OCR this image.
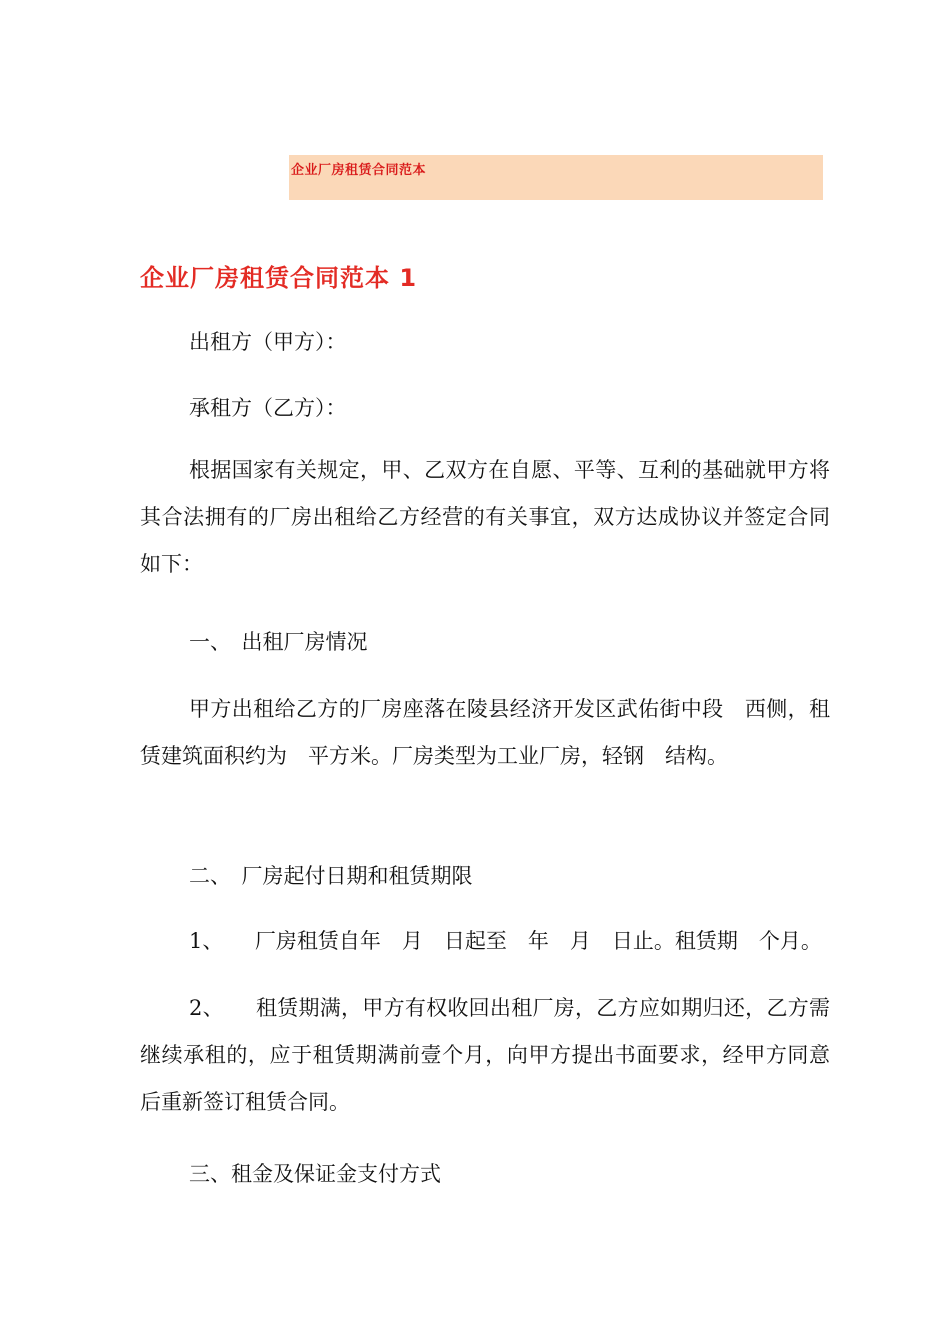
企业厂房租赁合同范本
企业厂房租赁合同范本 1
出租方（甲方）：
承租方（乙方）：
根据国家有关规定，甲、乙双方在自愿、平等、互利的基础就甲方将其合法拥有的厂房出租给乙方经营的有关事宜，双方达成协议并签定合同如下：
一、　出租厂房情况
甲方出租给乙方的厂房座落在陵县经济开发区武佑街中段　西侧，租赁建筑面积约为　平方米。厂房类型为工业厂房，轻钢　结构。
二、　厂房起付日期和租赁期限
1、　　厂房租赁自年　月　日起至　年　月　日止。租赁期　个月。
2、　　租赁期满，甲方有权收回出租厂房，乙方应如期归还，乙方需继续承租的，应于租赁期满前壹个月，向甲方提出书面要求，经甲方同意后重新签订租赁合同。
三、租金及保证金支付方式
